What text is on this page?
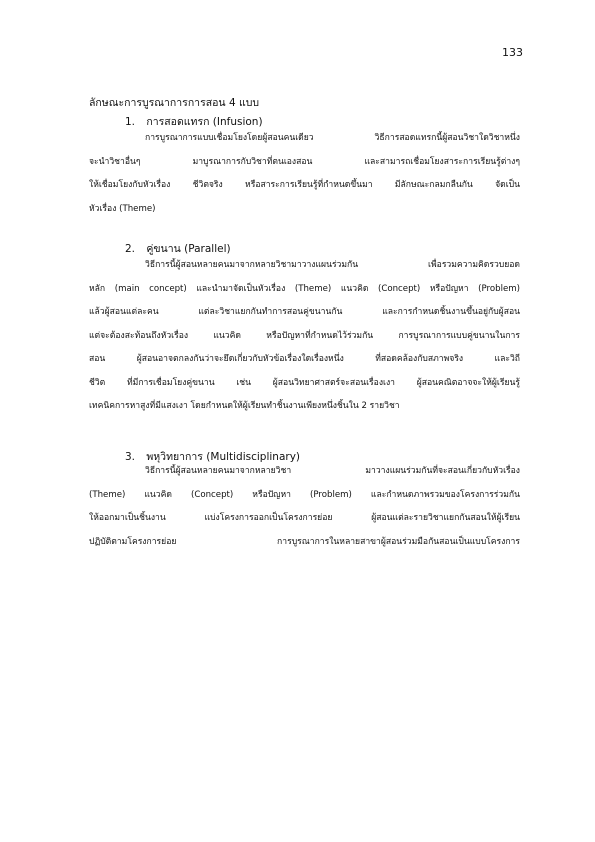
133
ลักษณะการบูรณาการการสอน 4 แบบ
1. การสอดแทรก (Infusion)
การบูรณาการแบบเชื่อมโยงโดยผู้สอนคนเดียว วิธีการสอดแทรกนี้ผู้สอนวิชาใดวิชาหนึ่ง
จะนำวิชาอื่นๆ มาบูรณาการกับวิชาที่ตนเองสอน และสามารถเชื่อมโยงสาระการเรียนรู้ต่างๆ
ให้เชื่อมโยงกับหัวเรื่อง ชีวิตจริง หรือสาระการเรียนรู้ที่กำหนดขึ้นมา มีลักษณะกลมกลืนกัน จัดเป็น
หัวเรื่อง (Theme)
2. คู่ขนาน (Parallel)
วิธีการนี้ผู้สอนหลายคนมาจากหลายวิชามาวางแผนร่วมกัน เพื่อรวมความคิดรวบยอด
หลัก (main concept) และนำมาจัดเป็นหัวเรื่อง (Theme) แนวคิด (Concept) หรือปัญหา (Problem)
แล้วผู้สอนแต่ละคน แต่ละวิชาแยกกันทำการสอนคู่ขนานกัน และการกำหนดชิ้นงานขึ้นอยู่กับผู้สอน
แต่จะต้องสะท้อนถึงหัวเรื่อง แนวคิด หรือปัญหาที่กำหนดไว้ร่วมกัน การบูรณาการแบบคู่ขนานในการ
สอน ผู้สอนอาจตกลงกันว่าจะยึดเกี่ยวกับหัวข้อเรื่องใดเรื่องหนึ่ง ที่สอดคล้องกับสภาพจริง และวิถี
ชีวิต ที่มีการเชื่อมโยงคู่ขนาน เช่น ผู้สอนวิทยาศาสตร์จะสอนเรื่องเงา ผู้สอนคณิตอาจจะให้ผู้เรียนรู้
เทคนิคการหาสูงที่มีแสงเงา โดยกำหนดให้ผู้เรียนทำชิ้นงานเพียงหนึ่งชิ้นใน 2 รายวิชา
3. พหุวิทยาการ (Multidisciplinary)
วิธีการนี้ผู้สอนหลายคนมาจากหลายวิชา มาวางแผนร่วมกันที่จะสอนเกี่ยวกับหัวเรื่อง
(Theme) แนวคิด (Concept) หรือปัญหา (Problem) และกำหนดภาพรวมของโครงการร่วมกัน
ให้ออกมาเป็นชิ้นงาน แบ่งโครงการออกเป็นโครงการย่อย ผู้สอนแต่ละรายวิชาแยกกันสอนให้ผู้เรียน
ปฏิบัติตามโครงการย่อย การบูรณาการในหลายสาขาผู้สอนร่วมมือกันสอนเป็นแบบโครงการ
